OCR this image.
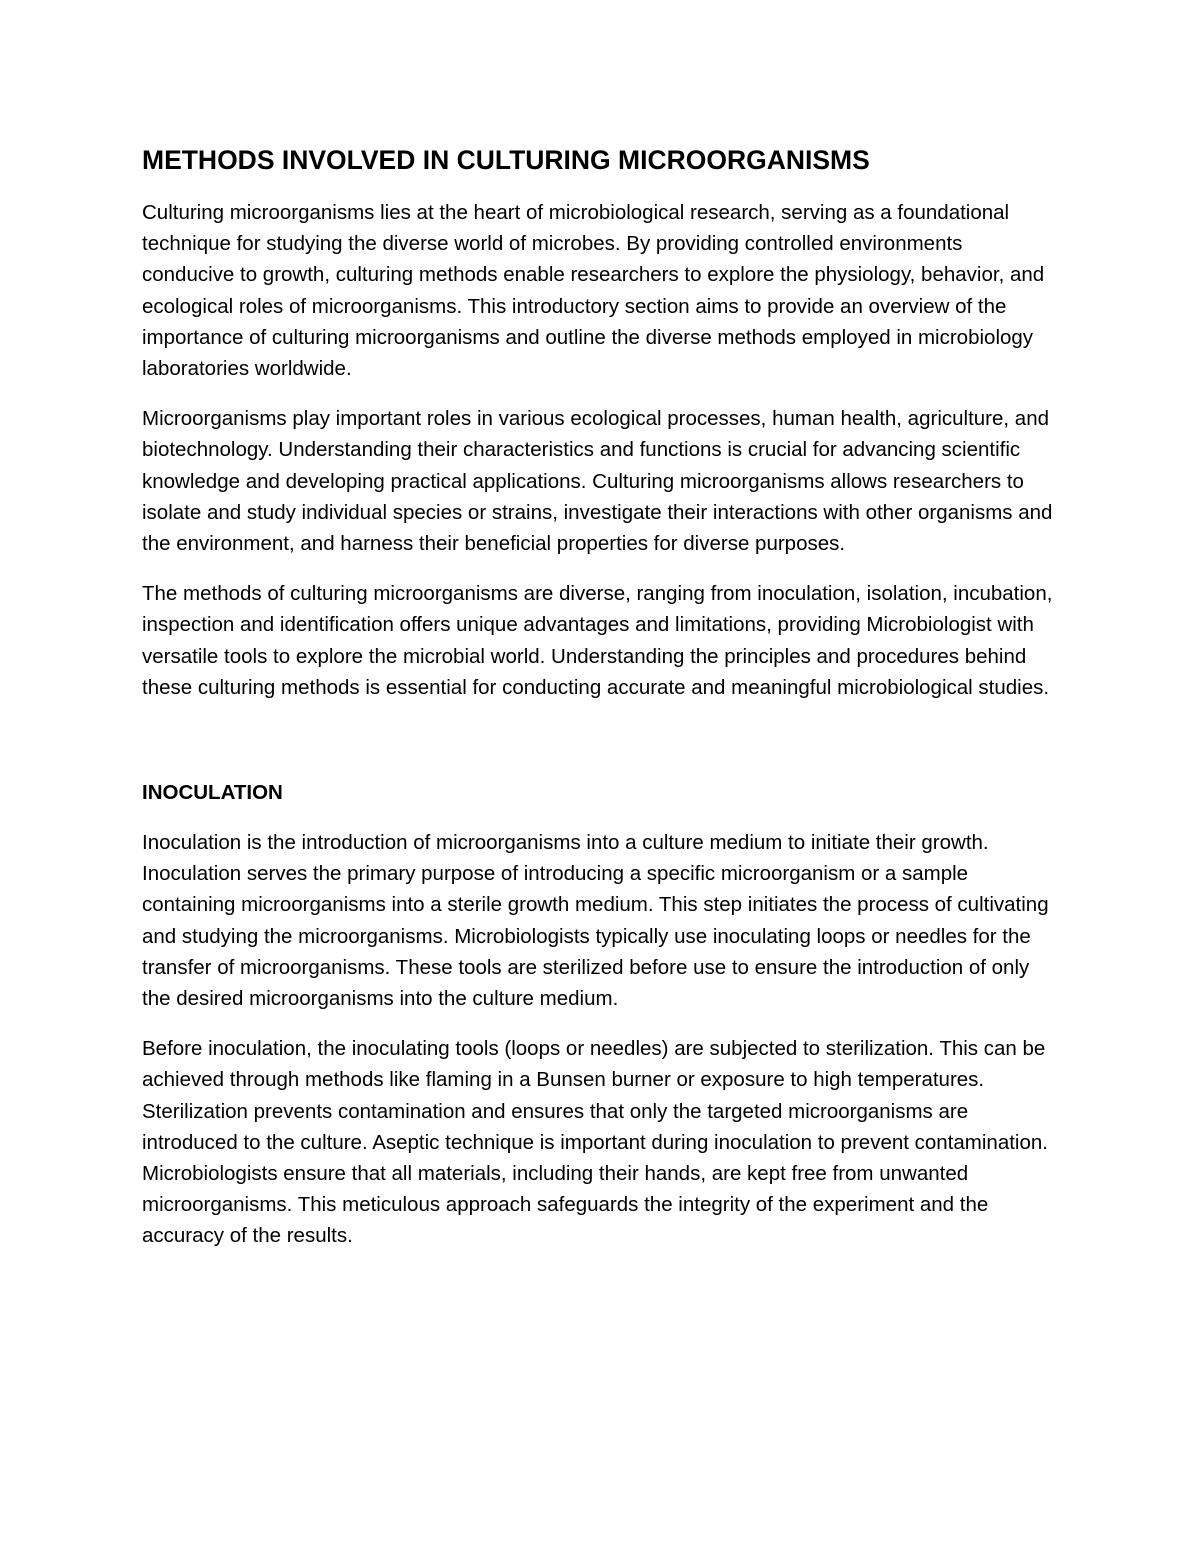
METHODS INVOLVED IN CULTURING MICROORGANISMS

Culturing microorganisms lies at the heart of microbiological research, serving as a foundational technique for studying the diverse world of microbes. By providing controlled environments conducive to growth, culturing methods enable researchers to explore the physiology, behavior, and ecological roles of microorganisms. This introductory section aims to provide an overview of the importance of culturing microorganisms and outline the diverse methods employed in microbiology laboratories worldwide.

Microorganisms play important roles in various ecological processes, human health, agriculture, and biotechnology. Understanding their characteristics and functions is crucial for advancing scientific knowledge and developing practical applications. Culturing microorganisms allows researchers to isolate and study individual species or strains, investigate their interactions with other organisms and the environment, and harness their beneficial properties for diverse purposes.

The methods of culturing microorganisms are diverse, ranging from inoculation, isolation, incubation, inspection and identification offers unique advantages and limitations, providing Microbiologist with versatile tools to explore the microbial world. Understanding the principles and procedures behind these culturing methods is essential for conducting accurate and meaningful microbiological studies.

INOCULATION

Inoculation is the introduction of microorganisms into a culture medium to initiate their growth. Inoculation serves the primary purpose of introducing a specific microorganism or a sample containing microorganisms into a sterile growth medium. This step initiates the process of cultivating and studying the microorganisms. Microbiologists typically use inoculating loops or needles for the transfer of microorganisms. These tools are sterilized before use to ensure the introduction of only the desired microorganisms into the culture medium.

Before inoculation, the inoculating tools (loops or needles) are subjected to sterilization. This can be achieved through methods like flaming in a Bunsen burner or exposure to high temperatures. Sterilization prevents contamination and ensures that only the targeted microorganisms are introduced to the culture. Aseptic technique is important during inoculation to prevent contamination. Microbiologists ensure that all materials, including their hands, are kept free from unwanted microorganisms. This meticulous approach safeguards the integrity of the experiment and the accuracy of the results.
